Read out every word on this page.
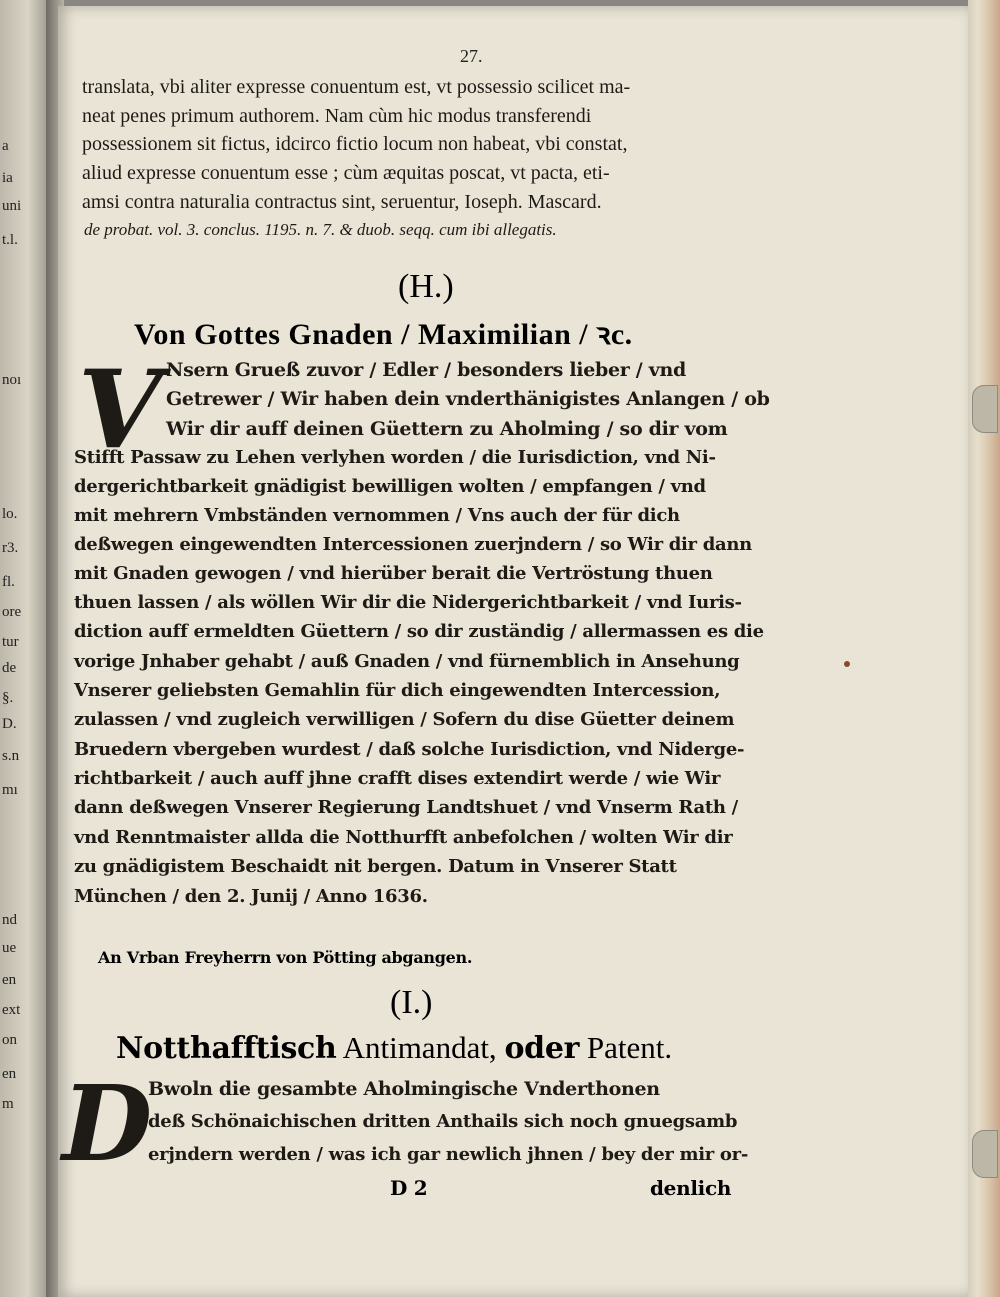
a
ia
uni
t.l.
noı
lo.
r3.
fl.
ore
tur
de
§.
D.
s.n
mı
nd
ue
en
ext
on
en
m
27.
translata, vbi aliter expresse conuentum est, vt possessio scilicet ma-
neat penes primum authorem. Nam cùm hic modus transferendi
possessionem sit fictus, idcirco fictio locum non habeat, vbi constat,
aliud expresse conuentum esse ; cùm æquitas poscat, vt pacta, eti-
amsi contra naturalia contractus sint, seruentur, Ioseph. Mascard.
de probat. vol. 3. conclus. 1195. n. 7. & duob. seqq. cum ibi allegatis.
(H.)
Von Gottes Gnaden / Maximilian / ꝛc.
V Nsern Grueß zuvor / Edler / besonders lieber / vnd
Getrewer / Wir haben dein vnderthänigistes Anlangen / ob
Wir dir auff deinen Güettern zu Aholming / so dir vom
Stifft Passaw zu Lehen verlyhen worden / die Iurisdiction, vnd Ni-
dergerichtbarkeit gnädigist bewilligen wolten / empfangen / vnd
mit mehrern Vmbständen vernommen / Vns auch der für dich
deßwegen eingewendten Intercessionen zuerjndern / so Wir dir dann
mit Gnaden gewogen / vnd hierüber berait die Vertröstung thuen
thuen lassen / als wöllen Wir dir die Nidergerichtbarkeit / vnd Iuris-
diction auff ermeldten Güettern / so dir zuständig / allermassen es die
vorige Jnhaber gehabt / auß Gnaden / vnd fürnemblich in Ansehung
Vnserer geliebsten Gemahlin für dich eingewendten Intercession,
zulassen / vnd zugleich verwilligen / Sofern du dise Güetter deinem
Bruedern vbergeben wurdest / daß solche Iurisdiction, vnd Niderge-
richtbarkeit / auch auff jhne crafft dises extendirt werde / wie Wir
dann deßwegen Vnserer Regierung Landtshuet / vnd Vnserm Rath /
vnd Renntmaister allda die Notthurfft anbefolchen / wolten Wir dir
zu gnädigistem Beschaidt nit bergen. Datum in Vnserer Statt
München / den 2. Junij / Anno 1636.
An Vrban Freyherrn von Pötting abgangen.
(I.)
Notthafftisch Antimandat, oder Patent.
D
Bwoln die gesambte Aholmingische Vnderthonen
deß Schönaichischen dritten Anthails sich noch gnuegsamb
erjndern werden / was ich gar newlich jhnen / bey der mir or-
D 2	denlich
